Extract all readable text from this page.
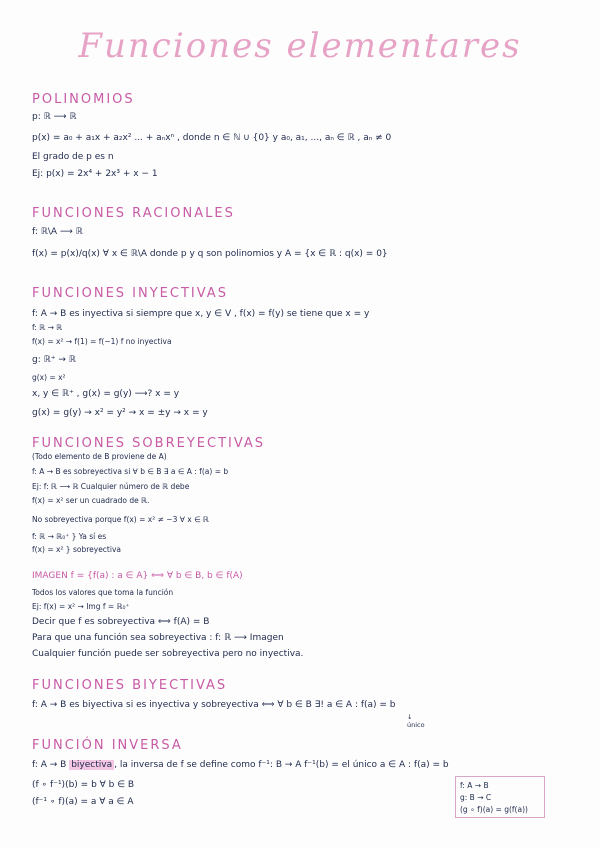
Funciones elementares
POLINOMIOS
p: ℝ ⟶ ℝ
p(x) = a₀ + a₁x + a₂x² ... + aₙxⁿ , donde n ∈ ℕ ∪ {0} y a₀, a₁, ..., aₙ ∈ ℝ , aₙ ≠ 0
El grado de p es n
Ej: p(x) = 2x⁴ + 2x³ + x − 1
FUNCIONES RACIONALES
f: ℝ\A ⟶ ℝ
f(x) = p(x)/q(x) ∀ x ∈ ℝ\A donde p y q son polinomios y A = {x ∈ ℝ : q(x) = 0}
FUNCIONES INYECTIVAS
f: A → B es inyectiva si siempre que x, y ∈ V , f(x) = f(y) se tiene que x = y
f: ℝ → ℝ
f(x) = x² → f(1) = f(−1) f no inyectiva
g: ℝ⁺ → ℝ
g(x) = x²
x, y ∈ ℝ⁺ , g(x) = g(y) ⟶? x = y
g(x) = g(y) → x² = y² → x = ±y → x = y
FUNCIONES SOBREYECTIVAS
(Todo elemento de B proviene de A)
f: A → B es sobreyectiva si ∀ b ∈ B ∃ a ∈ A : f(a) = b
Ej: f: ℝ ⟶ ℝ Cualquier número de ℝ debe
f(x) = x² ser un cuadrado de ℝ.
No sobreyectiva porque f(x) = x² ≠ −3 ∀ x ∈ ℝ
f: ℝ → ℝ₀⁺ } Ya sí es
f(x) = x² } sobreyectiva
IMAGEN f = {f(a) : a ∈ A} ⟺ ∀ b ∈ B, b ∈ f(A)
Todos los valores que toma la función
Ej: f(x) = x² → Img f = ℝ₀⁺
Decir que f es sobreyectiva ⟺ f(A) = B
Para que una función sea sobreyectiva : f: ℝ ⟶ Imagen
Cualquier función puede ser sobreyectiva pero no inyectiva.
FUNCIONES BIYECTIVAS
f: A → B es biyectiva si es inyectiva y sobreyectiva ⟺ ∀ b ∈ B ∃! a ∈ A : f(a) = b
↓
único
FUNCIÓN INVERSA
f: A → B biyectiva , la inversa de f se define como f⁻¹: B → A f⁻¹(b) = el único a ∈ A : f(a) = b
(f ∘ f⁻¹)(b) = b ∀ b ∈ B
(f⁻¹ ∘ f)(a) = a ∀ a ∈ A
f: A → B
g: B → C
(g ∘ f)(a) = g(f(a))
